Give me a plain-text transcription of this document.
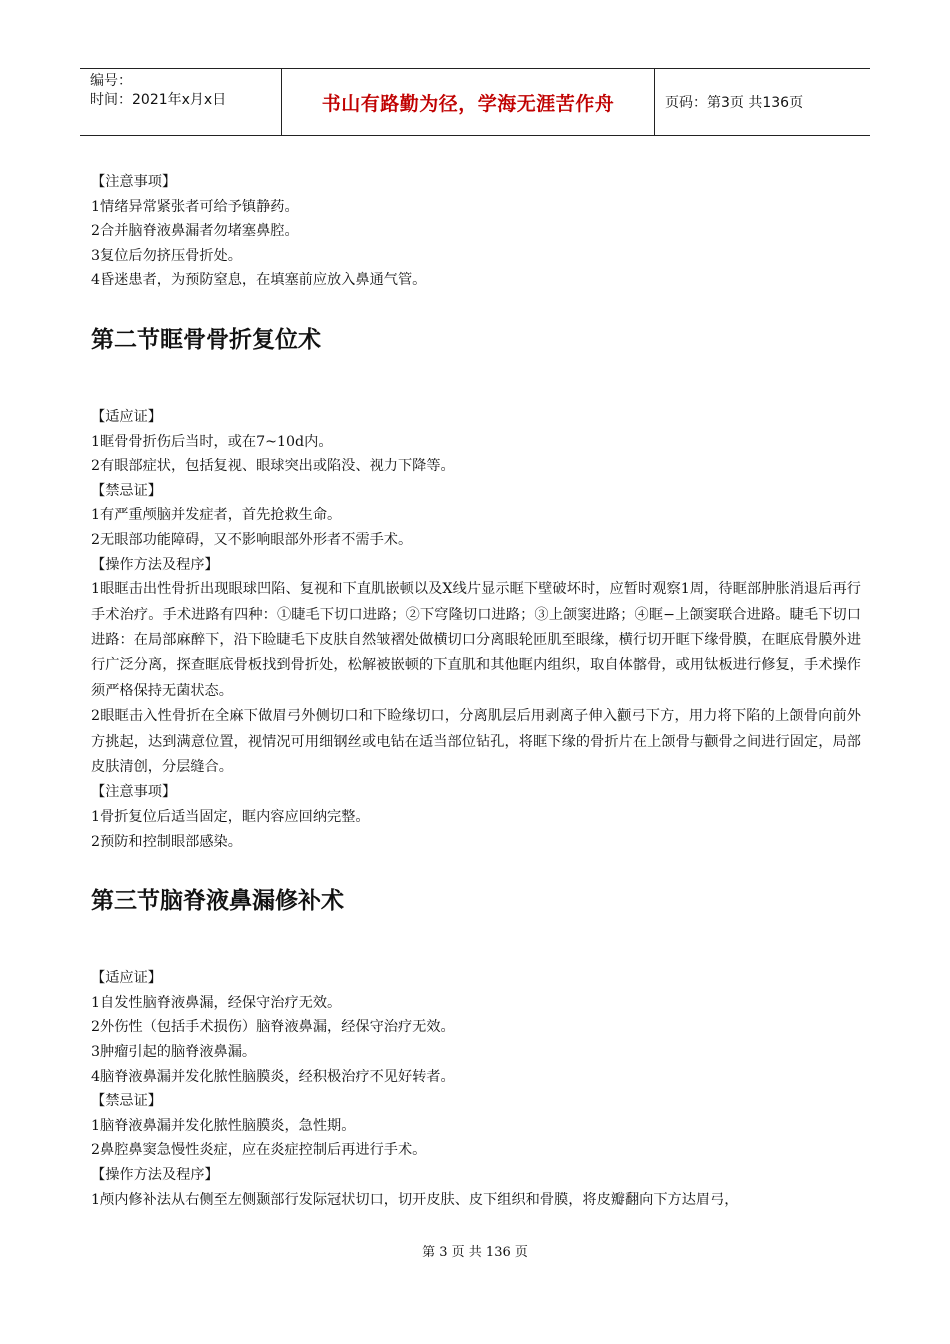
编号：
时间：2021年x月x日	书山有路勤为径，学海无涯苦作舟	页码：第3页 共136页
【注意事项】
1情绪异常紧张者可给予镇静药。
2合并脑脊液鼻漏者勿堵塞鼻腔。
3复位后勿挤压骨折处。
4昏迷患者，为预防窒息，在填塞前应放入鼻通气管。
第二节眶骨骨折复位术
【适应证】
1眶骨骨折伤后当时，或在7~10d内。
2有眼部症状，包括复视、眼球突出或陷没、视力下降等。
【禁忌证】
1有严重颅脑并发症者，首先抢救生命。
2无眼部功能障碍，又不影响眼部外形者不需手术。
【操作方法及程序】
1眼眶击出性骨折出现眼球凹陷、复视和下直肌嵌顿以及X线片显示眶下壁破坏时，应暂时观察1周，待眶部肿胀消退后再行手术治疗。手术进路有四种：①睫毛下切口进路；②下穹隆切口进路；③上颌窦进路；④眶−上颌窦联合进路。睫毛下切口进路：在局部麻醉下，沿下睑睫毛下皮肤自然皱褶处做横切口分离眼轮匝肌至眼缘，横行切开眶下缘骨膜，在眶底骨膜外进行广泛分离，探查眶底骨板找到骨折处，松解被嵌顿的下直肌和其他眶内组织，取自体髂骨，或用钛板进行修复，手术操作须严格保持无菌状态。
2眼眶击入性骨折在全麻下做眉弓外侧切口和下睑缘切口，分离肌层后用剥离子伸入颧弓下方，用力将下陷的上颌骨向前外方挑起，达到满意位置，视情况可用细钢丝或电钻在适当部位钻孔，将眶下缘的骨折片在上颌骨与颧骨之间进行固定，局部皮肤清创，分层缝合。
【注意事项】
1骨折复位后适当固定，眶内容应回纳完整。
2预防和控制眼部感染。
第三节脑脊液鼻漏修补术
【适应证】
1自发性脑脊液鼻漏，经保守治疗无效。
2外伤性（包括手术损伤）脑脊液鼻漏，经保守治疗无效。
3肿瘤引起的脑脊液鼻漏。
4脑脊液鼻漏并发化脓性脑膜炎，经积极治疗不见好转者。
【禁忌证】
1脑脊液鼻漏并发化脓性脑膜炎，急性期。
2鼻腔鼻窦急慢性炎症，应在炎症控制后再进行手术。
【操作方法及程序】
1颅内修补法从右侧至左侧颞部行发际冠状切口，切开皮肤、皮下组织和骨膜，将皮瓣翻向下方达眉弓，
第 3 页 共 136 页
